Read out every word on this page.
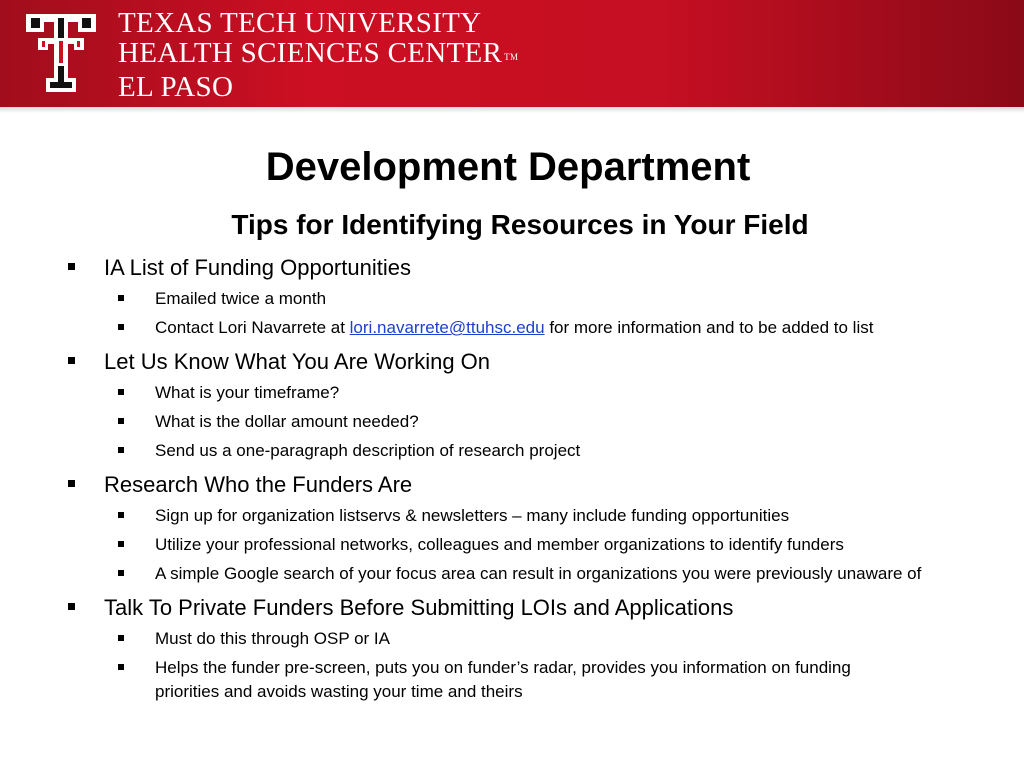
TEXAS TECH UNIVERSITY
HEALTH SCIENCES CENTER TM
EL PASO
Development Department
Tips for Identifying Resources in Your Field
IA List of Funding Opportunities
Emailed twice a month
Contact Lori Navarrete at lori.navarrete@ttuhsc.edu for more information and to be added to list
Let Us Know What You Are Working On
What is your timeframe?
What is the dollar amount needed?
Send us a one-paragraph description of research project
Research Who the Funders Are
Sign up for organization listservs & newsletters – many include funding opportunities
Utilize your professional networks, colleagues and member organizations to identify funders
A simple Google search of your focus area can result in organizations you were previously unaware of
Talk To Private Funders Before Submitting LOIs and Applications
Must do this through OSP or IA
Helps the funder pre-screen, puts you on funder’s radar, provides you information on funding
priorities and avoids wasting your time and theirs
